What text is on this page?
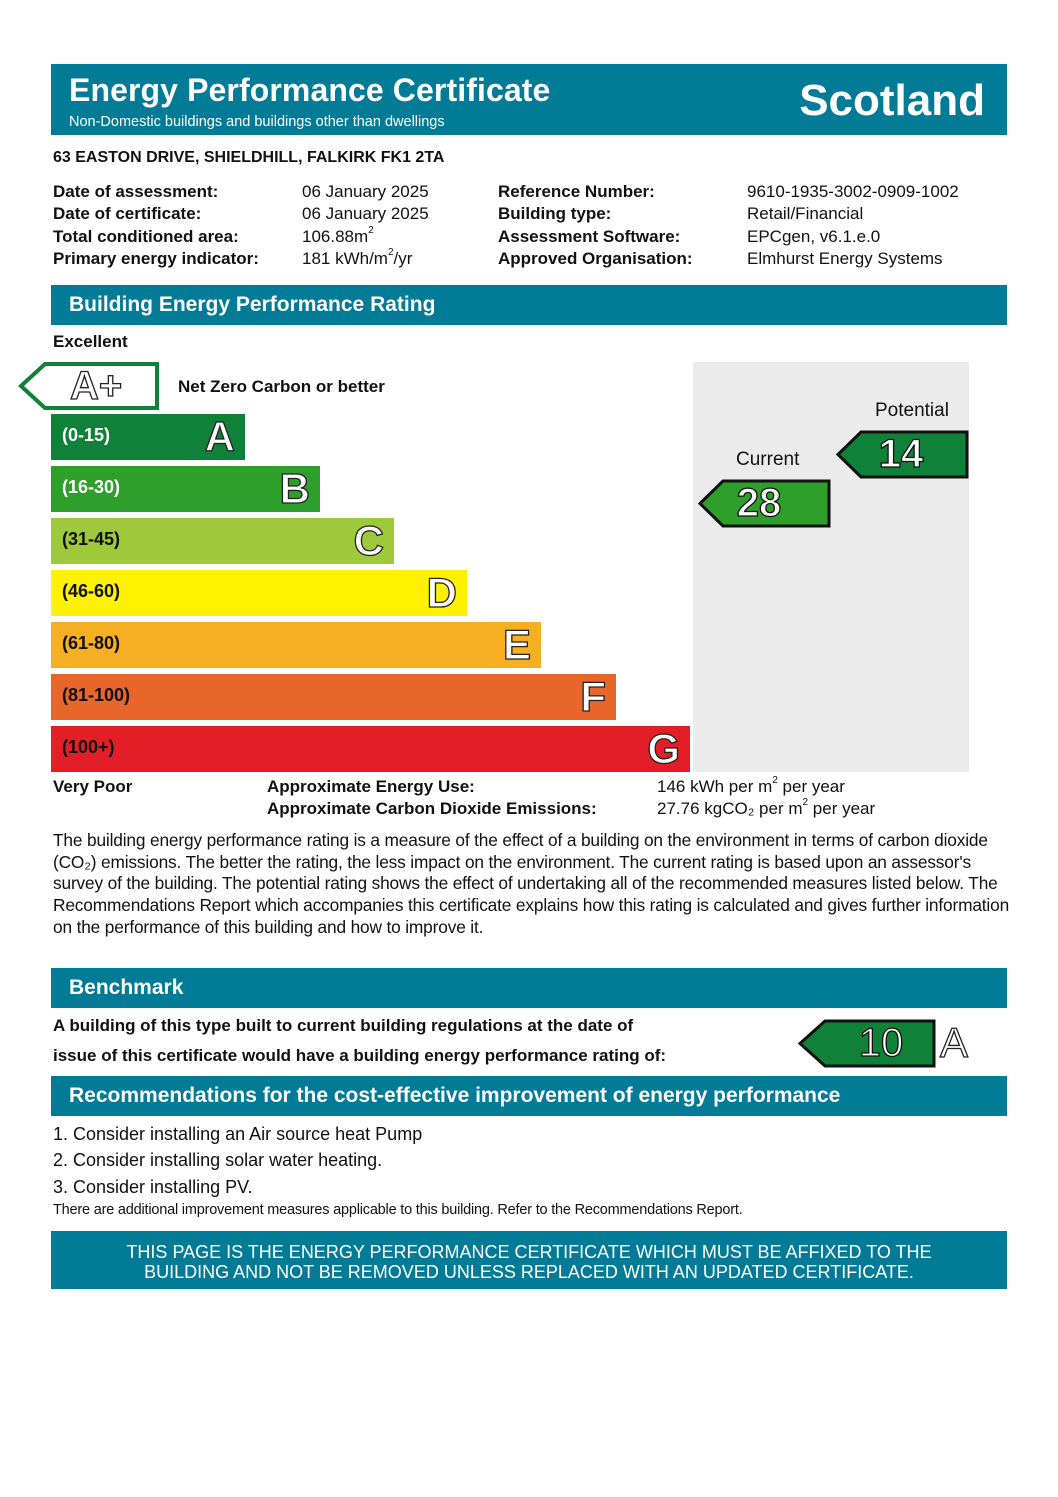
Energy Performance Certificate
Non-Domestic buildings and buildings other than dwellings	Scotland
63 EASTON DRIVE, SHIELDHILL, FALKIRK FK1 2TA
Date of assessment:	06 January 2025	Reference Number:	9610-1935-3002-0909-1002
Date of certificate:	06 January 2025	Building type:	Retail/Financial
Total conditioned area:	$106.88m^2$	Assessment Software:	EPCgen, v6.1.e.0
Primary energy indicator:	181 kWh/$m^2/yr$	Approved Organisation:	Elmhurst Energy Systems
Building Energy Performance Rating
Excellent
A+	Net Zero Carbon or better
(0-15) A
(16-30)	B
(31-45)	C
(46-60)	D
(61-80)	E
(81-100)	F
(100+)	G
Potential
Current	14
28
Very Poor	Approximate Energy Use:	146 kWh per $m^2$ per year
Approximate Carbon Dioxide Emissions:	27.76 kgCO₂ per $m^2$ per year
The building energy performance rating is a measure of the effect of a building on the environment in terms of carbon dioxide (CO₂) emissions. The better the rating, the less impact on the environment. The current rating is based upon an assessor's survey of the building. The potential rating shows the effect of undertaking all of the recommended measures listed below. The Recommendations Report which accompanies this certificate explains how this rating is calculated and gives further information on the performance of this building and how to improve it.
Benchmark
A building of this type built to current building regulations at the date of
issue of this certificate would have a building energy performance rating of:	10 A
Recommendations for the cost-effective improvement of energy performance
1. Consider installing an Air source heat Pump
2. Consider installing solar water heating.
3. Consider installing PV.
There are additional improvement measures applicable to this building. Refer to the Recommendations Report.
THIS PAGE IS THE ENERGY PERFORMANCE CERTIFICATE WHICH MUST BE AFFIXED TO THE
BUILDING AND NOT BE REMOVED UNLESS REPLACED WITH AN UPDATED CERTIFICATE.
